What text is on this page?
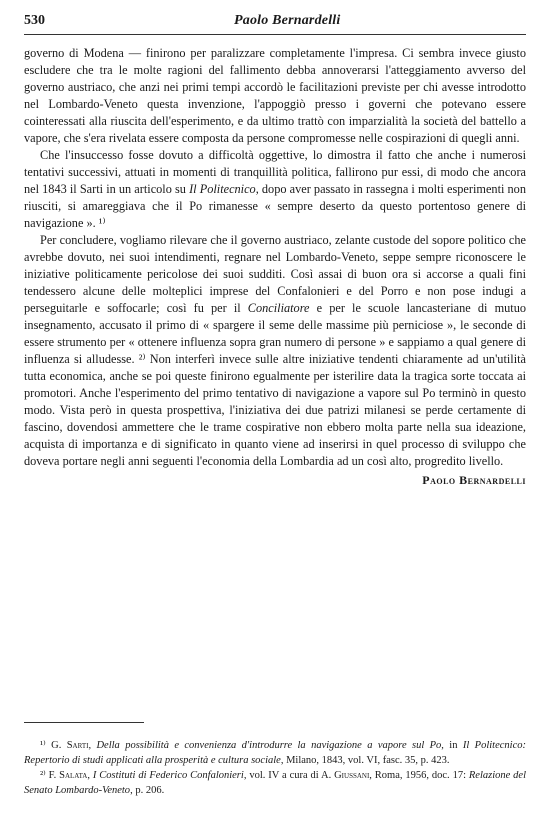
530	Paolo Bernardelli

governo di Modena — finirono per paralizzare completamente l'impresa. Ci sembra invece giusto escludere che tra le molte ragioni del fallimento debba annoverarsi l'atteggiamento avverso del governo austriaco, che anzi nei primi tempi accordò le facilitazioni previste per chi avesse introdotto nel Lombardo-Veneto questa invenzione, l'appoggiò presso i governi che potevano essere cointeressati alla riuscita dell'esperimento, e da ultimo trattò con imparzialità la società del battello a vapore, che s'era rivelata essere composta da persone compromesse nelle cospirazioni di quegli anni.

Che l'insuccesso fosse dovuto a difficoltà oggettive, lo dimostra il fatto che anche i numerosi tentativi successivi, attuati in momenti di tranquillità politica, fallirono pur essi, di modo che ancora nel 1843 il Sarti in un articolo su Il Politecnico, dopo aver passato in rassegna i molti esperimenti non riusciti, si amareggiava che il Po rimanesse « sempre deserto da questo portentoso genere di navigazione ». ¹⁾

Per concludere, vogliamo rilevare che il governo austriaco, zelante custode del sopore politico che avrebbe dovuto, nei suoi intendimenti, regnare nel Lombardo-Veneto, seppe sempre riconoscere le iniziative politicamente pericolose dei suoi sudditi. Così assai di buon ora si accorse a quali fini tendessero alcune delle molteplici imprese del Confalonieri e del Porro e non pose indugi a perseguitarle e soffocarle; così fu per il Conciliatore e per le scuole lancasteriane di mutuo insegnamento, accusato il primo di « spargere il seme delle massime più perniciose », le seconde di essere strumento per « ottenere influenza sopra gran numero di persone » e sappiamo a qual genere di influenza si alludesse. ²⁾ Non interferì invece sulle altre iniziative tendenti chiaramente ad un'utilità tutta economica, anche se poi queste finirono egualmente per isterilire data la tragica sorte toccata ai promotori. Anche l'esperimento del primo tentativo di navigazione a vapore sul Po terminò in questo modo. Vista però in questa prospettiva, l'iniziativa dei due patrizi milanesi se perde certamente di fascino, dovendosi ammettere che le trame cospirative non ebbero molta parte nella sua ideazione, acquista di importanza e di significato in quanto viene ad inserirsi in quel processo di sviluppo che doveva portare negli anni seguenti l'economia della Lombardia ad un così alto, progredito livello.

Paolo Bernardelli

¹⁾ G. Sarti, Della possibilità e convenienza d'introdurre la navigazione a vapore sul Po, in Il Politecnico: Repertorio di studi applicati alla prosperità e cultura sociale, Milano, 1843, vol. VI, fasc. 35, p. 423.

²⁾ F. Salata, I Costituti di Federico Confalonieri, vol. IV a cura di A. Giussani, Roma, 1956, doc. 17: Relazione del Senato Lombardo-Veneto, p. 206.
